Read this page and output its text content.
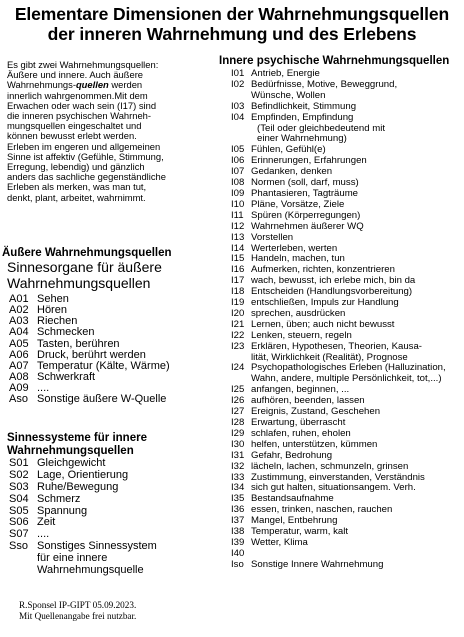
Elementare Dimensionen der Wahrnehmungsquellen
der inneren Wahrnehmung und des Erlebens
Es gibt zwei Wahrnehmungsquellen:
Äußere und innere. Auch äußere
Wahrnehmungs-quellen werden
innerlich wahrgenommen.Mit dem
Erwachen oder wach sein (I17) sind
die inneren psychischen Wahrneh-
mungsquellen eingeschaltet und
können bewusst erlebt werden.
Erleben im engeren und allgemeinen
Sinne ist affektiv (Gefühle, Stimmung,
Erregung, lebendig) und gänzlich
anders das sachliche gegenständliche
Erleben als merken, was man tut,
denkt, plant, arbeitet, wahrnimmt.
Äußere Wahrnehmungsquellen
Sinnesorgane für äußere
Wahrnehmungsquellen
A01 Sehen
A02 Hören
A03 Riechen
A04 Schmecken
A05 Tasten, berühren
A06 Druck, berührt werden
A07 Temperatur (Kälte, Wärme)
A08 Schwerkraft
A09 ....
Aso Sonstige äußere W-Quelle
Sinnessysteme für innere
Wahrnehmungsquellen
S01 Gleichgewicht
S02 Lage, Orientierung
S03 Ruhe/Bewegung
S04 Schmerz
S05 Spannung
S06 Zeit
S07 ....
Sso Sonstiges Sinnessystem
für eine innere
Wahrnehmungsquelle
R.Sponsel IP-GIPT 05.09.2023.
Mit Quellenangabe frei nutzbar.
Innere psychische Wahrnehmungsquellen
I01 Antrieb, Energie
I02 Bedürfnisse, Motive, Beweggrund,
Wünsche, Wollen
I03 Befindlichkeit, Stimmung
I04 Empfinden, Empfindung
(Teil oder gleichbedeutend mit
einer Wahrnehmung)
I05 Fühlen, Gefühl(e)
I06 Erinnerungen, Erfahrungen
I07 Gedanken, denken
I08 Normen (soll, darf, muss)
I09 Phantasieren, Tagträume
I10 Pläne, Vorsätze, Ziele
I11 Spüren (Körperregungen)
I12 Wahrnehmen äußerer WQ
I13 Vorstellen
I14 Werterleben, werten
I15 Handeln, machen, tun
I16 Aufmerken, richten, konzentrieren
I17 wach, bewusst, ich erlebe mich, bin da
I18 Entscheiden (Handlungsvorbereitung)
I19 entschließen, Impuls zur Handlung
I20 sprechen, ausdrücken
I21 Lernen, üben; auch nicht bewusst
I22 Lenken, steuern, regeln
I23 Erklären, Hypothesen, Theorien, Kausa-
lität, Wirklichkeit (Realität), Prognose
I24 Psychopathologisches Erleben (Halluzination,
Wahn, andere, multiple Persönlichkeit, tot,...)
I25 anfangen, beginnen, ...
I26 aufhören, beenden, lassen
I27 Ereignis, Zustand, Geschehen
I28 Erwartung, überrascht
I29 schlafen, ruhen, eholen
I30 helfen, unterstützen, kümmen
I31 Gefahr, Bedrohung
I32 lächeln, lachen, schmunzeln, grinsen
I33 Zustimmung, einverstanden, Verständnis
I34 sich gut halten, situationsangem. Verh.
I35 Bestandsaufnahme
I36 essen, trinken, naschen, rauchen
I37 Mangel, Entbehrung
I38 Temperatur, warm, kalt
I39 Wetter, Klima
I40
Iso Sonstige Innere Wahrnehmung
